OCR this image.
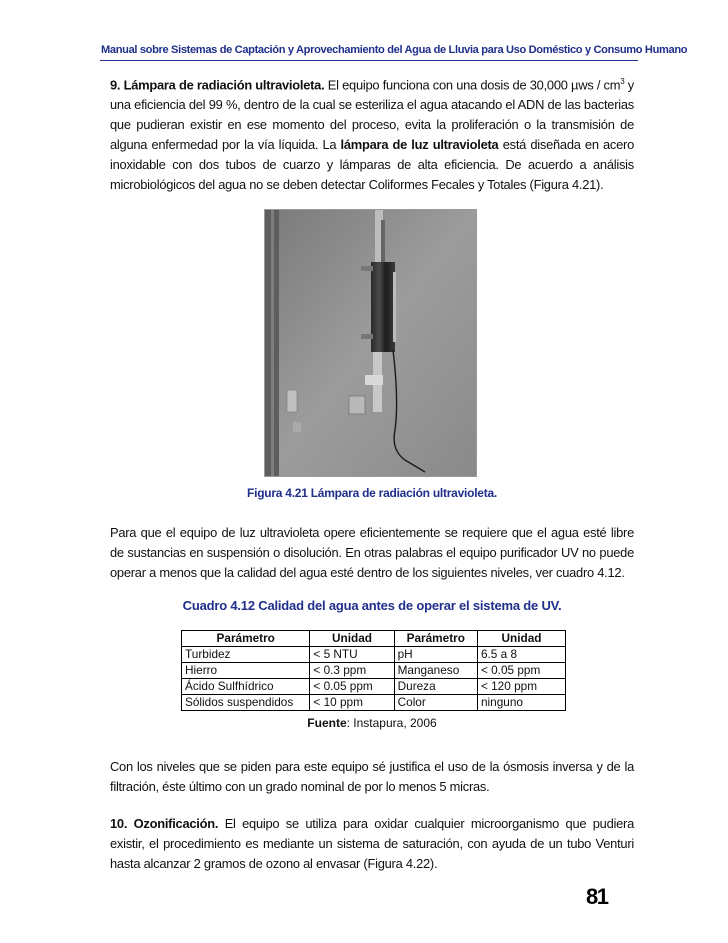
Manual sobre Sistemas de Captación y Aprovechamiento del Agua de Lluvia para Uso Doméstico y Consumo Humano

9. Lámpara de radiación ultravioleta. El equipo funciona con una dosis de 30,000 µws / $cm^3$ y una eficiencia del 99 %, dentro de la cual se esteriliza el agua atacando el ADN de las bacterias que pudieran existir en ese momento del proceso, evita la proliferación o la transmisión de alguna enfermedad por la vía líquida. La lámpara de luz ultravioleta está diseñada en acero inoxidable con dos tubos de cuarzo y lámparas de alta eficiencia. De acuerdo a análisis microbiológicos del agua no se deben detectar Coliformes Fecales y Totales (Figura 4.21).

Figura 4.21 Lámpara de radiación ultravioleta.

Para que el equipo de luz ultravioleta opere eficientemente se requiere que el agua esté libre de sustancias en suspensión o disolución. En otras palabras el equipo purificador UV no puede operar a menos que la calidad del agua esté dentro de los siguientes niveles, ver cuadro 4.12.

Cuadro 4.12 Calidad del agua antes de operar el sistema de UV.
Parámetro	Unidad	Parámetro	Unidad
Turbidez	< 5 NTU	pH	6.5 a 8
Hierro	< 0.3 ppm	Manganeso	< 0.05 ppm
Ácido Sulfhídrico	< 0.05 ppm	Dureza	< 120 ppm
Sólidos suspendidos	< 10 ppm	Color	ninguno
Fuente: Instapura, 2006

Con los niveles que se piden para este equipo sé justifica el uso de la ósmosis inversa y de la filtración, éste último con un grado nominal de por lo menos 5 micras.

10. Ozonificación. El equipo se utiliza para oxidar cualquier microorganismo que pudiera existir, el procedimiento es mediante un sistema de saturación, con ayuda de un tubo Venturi hasta alcanzar 2 gramos de ozono al envasar (Figura 4.22).

81
